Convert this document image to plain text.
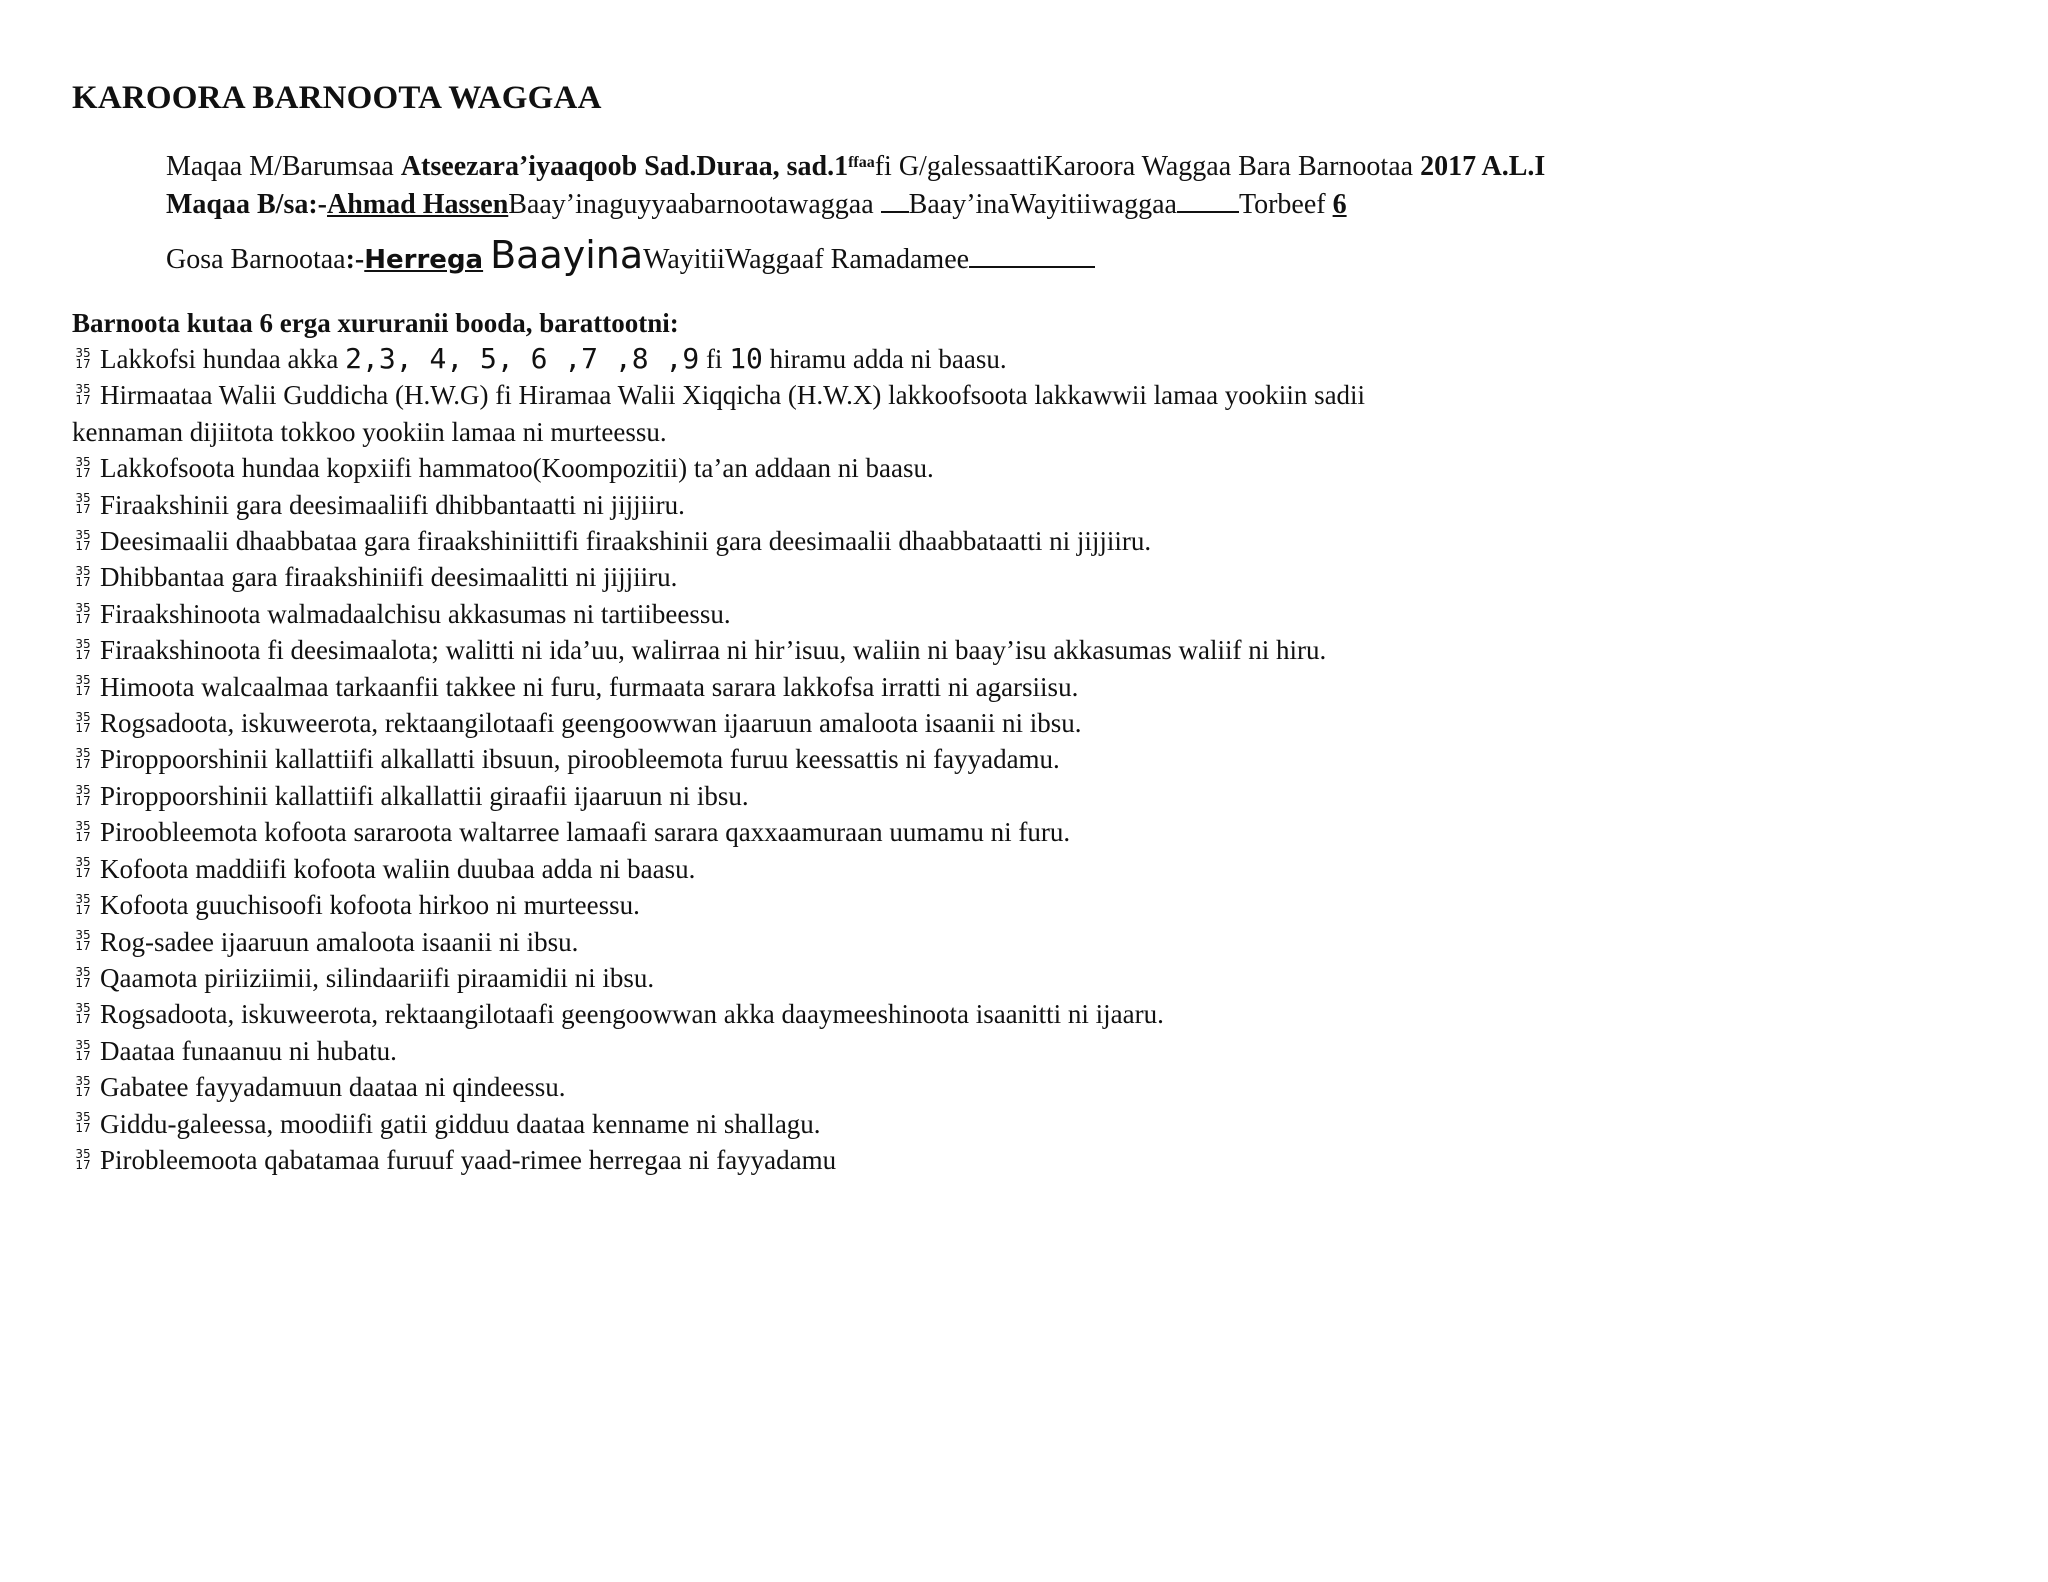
KAROORA BARNOOTA WAGGAA
Maqaa M/Barumsaa Atseezara’iyaaqoob Sad.Duraa, $sad.1^{ffaa}fi$ G/galessaattiKaroora Waggaa Bara Barnootaa 2017 A.L.I
Maqaa B/sa:-Ahmad HassenBaay’inaguyyaabarnootawaggaa Baay’inaWayitiiwaggaa Torbeef 6
Gosa Barnootaa:-Herrega BaayinaWayitiiWaggaaf Ramadamee
Barnoota kutaa 6 erga xururanii booda, barattootni:
35
17 Lakkofsi hundaa akka 2,3, 4, 5, 6 ,7 ,8 ,9 fi 10 hiramu adda ni baasu.
35
17 Hirmaataa Walii Guddicha (H.W.G) fi Hiramaa Walii Xiqqicha (H.W.X) lakkoofsoota lakkawwii lamaa yookiin sadii
kennaman dijiitota tokkoo yookiin lamaa ni murteessu.
35
17 Lakkofsoota hundaa kopxiifi hammatoo(Koompozitii) ta’an addaan ni baasu.
35
17 Firaakshinii gara deesimaaliifi dhibbantaatti ni jijjiiru.
35
17 Deesimaalii dhaabbataa gara firaakshiniittifi firaakshinii gara deesimaalii dhaabbataatti ni jijjiiru.
35
17 Dhibbantaa gara firaakshiniifi deesimaalitti ni jijjiiru.
35
17 Firaakshinoota walmadaalchisu akkasumas ni tartiibeessu.
35
17 Firaakshinoota fi deesimaalota; walitti ni ida’uu, walirraa ni hir’isuu, waliin ni baay’isu akkasumas waliif ni hiru.
35
17 Himoota walcaalmaa tarkaanfii takkee ni furu, furmaata sarara lakkofsa irratti ni agarsiisu.
35
17 Rogsadoota, iskuweerota, rektaangilotaafi geengoowwan ijaaruun amaloota isaanii ni ibsu.
35
17 Piroppoorshinii kallattiifi alkallatti ibsuun, piroobleemota furuu keessattis ni fayyadamu.
35
17 Piroppoorshinii kallattiifi alkallattii giraafii ijaaruun ni ibsu.
35
17 Piroobleemota kofoota sararoota waltarree lamaafi sarara qaxxaamuraan uumamu ni furu.
35
17 Kofoota maddiifi kofoota waliin duubaa adda ni baasu.
35
17 Kofoota guuchisoofi kofoota hirkoo ni murteessu.
35
17 Rog-sadee ijaaruun amaloota isaanii ni ibsu.
35
17 Qaamota piriiziimii, silindaariifi piraamidii ni ibsu.
35
17 Rogsadoota, iskuweerota, rektaangilotaafi geengoowwan akka daaymeeshinoota isaanitti ni ijaaru.
35
17 Daataa funaanuu ni hubatu.
35
17 Gabatee fayyadamuun daataa ni qindeessu.
35
17 Giddu-galeessa, moodiifi gatii gidduu daataa kenname ni shallagu.
35
17 Pirobleemoota qabatamaa furuuf yaad-rimee herregaa ni fayyadamu
